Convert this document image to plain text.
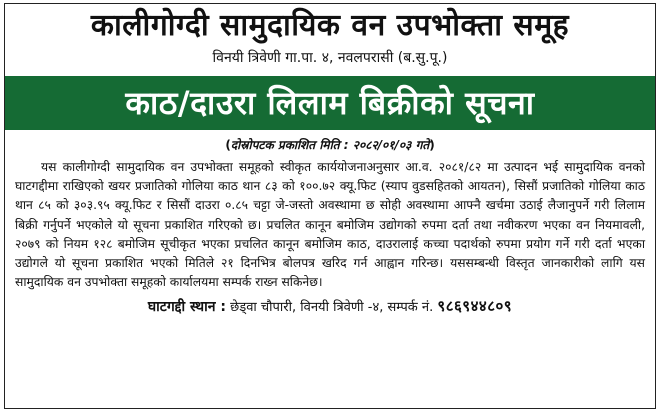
कालीगोग्दी सामुदायिक वन उपभोक्ता समूह
विनयी त्रिवेणी गा.पा. ४, नवलपरासी (ब.सु.पू.)
काठ/दाउरा लिलाम बिक्रीको सूचना
(दोस्रोपटक प्रकाशित मिति : २०८२/०१/०३ गते)

यस कालीगोग्दी सामुदायिक वन उपभोक्ता समूहको स्वीकृत कार्ययोजनाअनुसार आ.व. २०८१/८२ मा उत्पादन भई सामुदायिक वनको घाटगद्दीमा राखिएको खयर प्रजातिको गोलिया काठ थान ८३ को १००.७२ क्यू.फिट (स्याप वुडसहितको आयतन), सिसौं प्रजातिको गोलिया काठ थान ८५ को ३०३.९५ क्यू.फिट र सिसौं दाउरा ०.८५ चट्टा जे-जस्तो अवस्थामा छ सोही अवस्थामा आफ्नै खर्चमा उठाई लैजानुपर्ने गरी लिलाम बिक्री गर्नुपर्ने भएकोले यो सूचना प्रकाशित गरिएको छ। प्रचलित कानून बमोजिम उद्योगको रुपमा दर्ता तथा नवीकरण भएका वन नियमावली, २०७९ को नियम १२८ बमोजिम सूचीकृत भएका प्रचलित कानून बमोजिम काठ, दाउरालाई कच्चा पदार्थको रुपमा प्रयोग गर्ने गरी दर्ता भएका उद्योगले यो सूचना प्रकाशित भएको मितिले २१ दिनभित्र बोलपत्र खरिद गर्न आह्वान गरिन्छ। यससम्बन्धी विस्तृत जानकारीको लागि यस सामुदायिक वन उपभोक्ता समूहको कार्यालयमा सम्पर्क राख्न सकिनेछ।

घाटगद्दी स्थान : छेड्वा चौपारी, विनयी त्रिवेणी -४, सम्पर्क नं. ९८६९४४८०९
